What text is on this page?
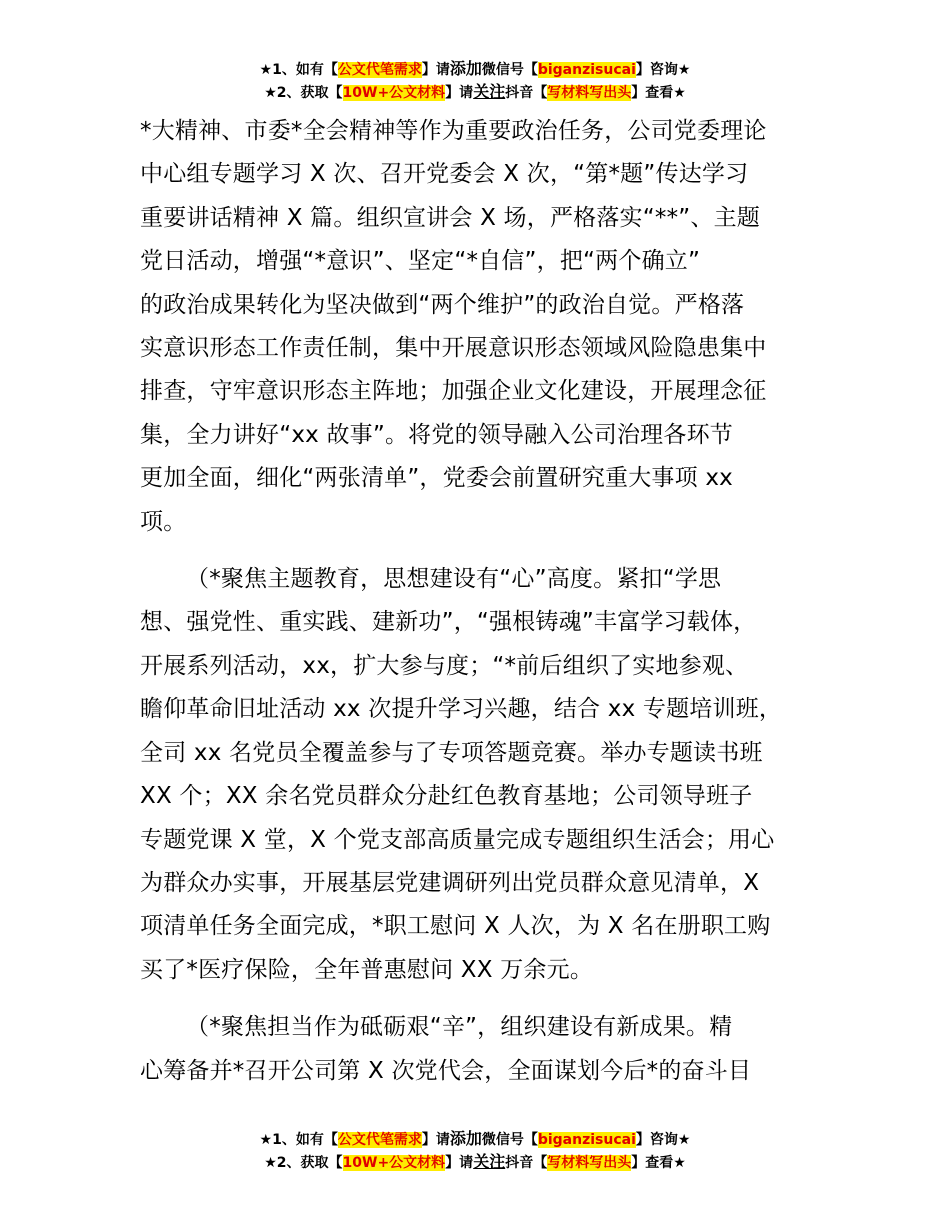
★1、如有【公文代笔需求】请添加微信号【biganzisucai】咨询★
★2、获取【10W+公文材料】请关注抖音【写材料写出头】查看★

*大精神、市委*全会精神等作为重要政治任务，公司党委理论

中心组专题学习 X 次、召开党委会 X 次，“第*题”传达学习

重要讲话精神 X 篇。组织宣讲会 X 场，严格落实“**”、主题

党日活动，增强“*意识”、坚定“*自信”，把“两个确立”

的政治成果转化为坚决做到“两个维护”的政治自觉。严格落

实意识形态工作责任制，集中开展意识形态领域风险隐患集中

排查，守牢意识形态主阵地；加强企业文化建设，开展理念征

集，全力讲好“xx 故事”。将党的领导融入公司治理各环节

更加全面，细化“两张清单”，党委会前置研究重大事项 xx

项。

（*聚焦主题教育，思想建设有“心”高度。紧扣“学思

想、强党性、重实践、建新功”，“强根铸魂”丰富学习载体，

开展系列活动，xx，扩大参与度；“*前后组织了实地参观、

瞻仰革命旧址活动 xx 次提升学习兴趣，结合 xx 专题培训班，

全司 xx 名党员全覆盖参与了专项答题竞赛。举办专题读书班

XX 个；XX 余名党员群众分赴红色教育基地；公司领导班子

专题党课 X 堂，X 个党支部高质量完成专题组织生活会；用心

为群众办实事，开展基层党建调研列出党员群众意见清单，X

项清单任务全面完成，*职工慰问 X 人次，为 X 名在册职工购

买了*医疗保险，全年普惠慰问 XX 万余元。

（*聚焦担当作为砥砺艰“辛”，组织建设有新成果。精

心筹备并*召开公司第 X 次党代会，全面谋划今后*的奋斗目

★1、如有【公文代笔需求】请添加微信号【biganzisucai】咨询★
★2、获取【10W+公文材料】请关注抖音【写材料写出头】查看★
